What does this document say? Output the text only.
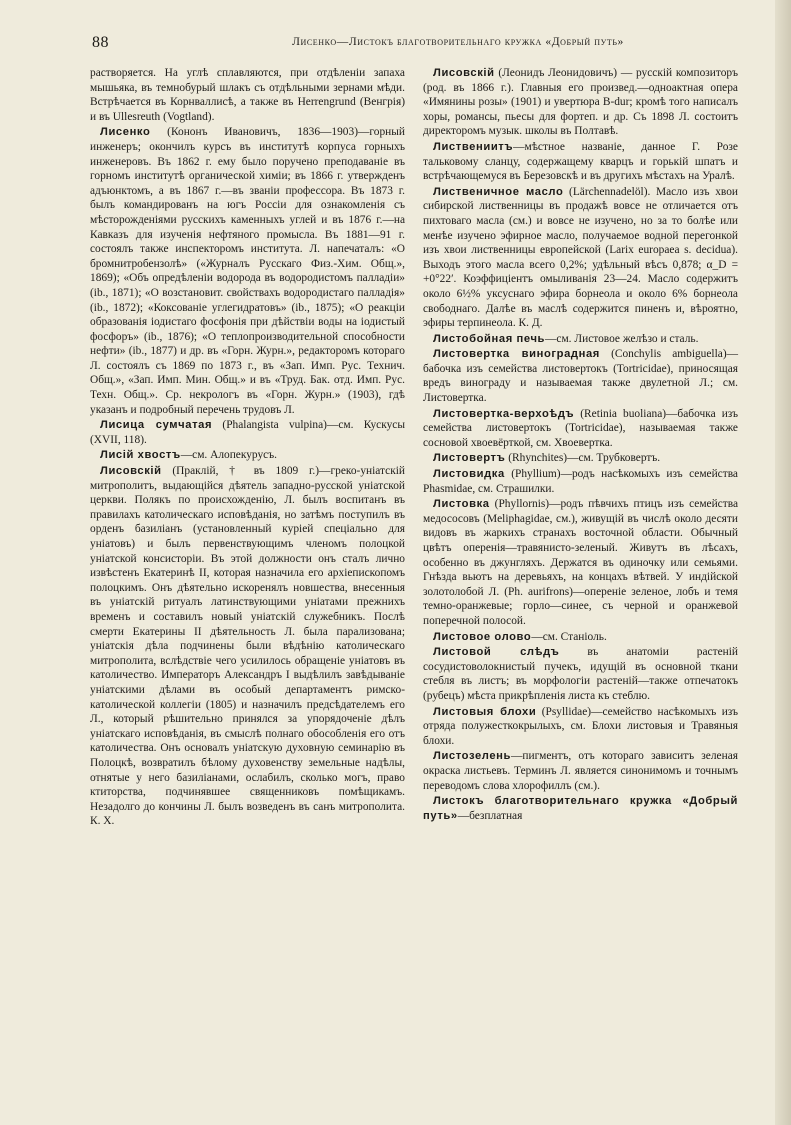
88	Лисенко—Листокъ благотворительнаго кружка «Добрый путь»

растворяется. На углѣ сплавляются, при отдѣленіи запаха мышьяка, въ темнобурый шлакъ съ отдѣльными зернами мѣди. Встрѣчается въ Корнваллисѣ, а также въ Herrengrund (Венгрія) и въ Ullesreuth (Vogtland).

Лисенко (Кононъ Ивановичъ, 1836—1903)—горный инженеръ; окончилъ курсъ въ институтѣ корпуса горныхъ инженеровъ. Въ 1862 г. ему было поручено преподаваніе въ горномъ институтѣ органической химіи; въ 1866 г. утвержденъ адъюнктомъ, а въ 1867 г.—въ званіи профессора. Въ 1873 г. былъ командированъ на югъ Россіи для ознакомленія съ мѣсторожденіями русскихъ каменныхъ углей и въ 1876 г.—на Кавказъ для изученія нефтяного промысла. Въ 1881—91 г. состоялъ также инспекторомъ института. Л. напечаталъ: «О бромнитробензолѣ» («Журналъ Русскаго Физ.-Хим. Общ.», 1869); «Объ опредѣленіи водорода въ водородистомъ палладіи» (ib., 1871); «О возстановит. свойствахъ водородистаго палладія» (ib., 1872); «Коксованіе углегидратовъ» (ib., 1875); «О реакціи образованія іодистаго фосфонія при дѣйствіи воды на іодистый фосфоръ» (ib., 1876); «О теплопроизводительной способности нефти» (ib., 1877) и др. въ «Горн. Журн.», редакторомъ котораго Л. состоялъ съ 1869 по 1873 г., въ «Зап. Имп. Рус. Технич. Общ.», «Зап. Имп. Мин. Общ.» и въ «Труд. Бак. отд. Имп. Рус. Техн. Общ.». Ср. некрологъ въ «Горн. Журн.» (1903), гдѣ указанъ и подробный перечень трудовъ Л.

Лисица сумчатая (Phalangista vulpina)—см. Кускусы (XVII, 118).

Лисій хвостъ—см. Алопекурусъ.

Лисовскій (Праклій, † въ 1809 г.)—греко-уніатскій митрополитъ, выдающійся дѣятель западно-русской уніатской церкви. Полякъ по происхожденію, Л. былъ воспитанъ въ правилахъ католическаго исповѣданія, но затѣмъ поступилъ въ орденъ базиліанъ (установленный куріей спеціально для уніатовъ) и былъ первенствующимъ членомъ полоцкой уніатской консисторіи. Въ этой должности онъ сталъ лично извѣстенъ Екатеринѣ II, которая назначила его архіепископомъ полоцкимъ. Онъ дѣятельно искоренялъ новшества, внесенныя въ уніатскій ритуалъ латинствующими уніатами прежнихъ временъ и составилъ новый уніатскій служебникъ. Послѣ смерти Екатерины II дѣятельность Л. была парализована; уніатскія дѣла подчинены были вѣдѣнію католическаго митрополита, вслѣдствіе чего усилилось обращеніе уніатовъ въ католичество. Императоръ Александръ I выдѣлилъ завѣдываніе уніатскими дѣлами въ особый департаментъ римско-католической коллегіи (1805) и назначилъ предсѣдателемъ его Л., который рѣшительно принялся за упорядоченіе дѣлъ уніатскаго исповѣданія, въ смыслѣ полнаго обособленія его отъ католичества. Онъ основалъ уніатскую духовную семинарію въ Полоцкѣ, возвратилъ бѣлому духовенству земельные надѣлы, отнятые у него базиліанами, ослабилъ, сколько могъ, право ктиторства, подчинявшее священниковъ помѣщикамъ. Незадолго до кончины Л. былъ возведенъ въ санъ митрополита. К. Х.

Лисовскій (Леонидъ Леонидовичъ) — русскій композиторъ (род. въ 1866 г.). Главныя его произвед.—одноактная опера «Имянины розы» (1901) и увертюра B-dur; кромѣ того написалъ хоры, романсы, пьесы для фортеп. и др. Съ 1898 Л. состоитъ директоромъ музык. школы въ Полтавѣ.

Листвениитъ—мѣстное названіе, данное Г. Розе тальковому сланцу, содержащему кварцъ и горькій шпатъ и встрѣчающемуся въ Березовскѣ и въ другихъ мѣстахъ на Уралѣ.

Лиственичное масло (Lärchennadelöl). Масло изъ хвои сибирской лиственницы въ продажѣ вовсе не отличается отъ пихтоваго масла (см.) и вовсе не изучено, но за то болѣе или менѣе изучено эфирное масло, получаемое водной перегонкой изъ хвои лиственницы европейской (Larix europaea s. decidua). Выходъ этого масла всего 0,2%; удѣльный вѣсъ 0,878; α_D = +0°22′. Коэффиціентъ омыливанія 23—24. Масло содержитъ около 6½% уксуснаго эфира борнеола и около 6% борнеола свободнаго. Далѣе въ маслѣ содержится пиненъ и, вѣроятно, эфиры терпинеола. К. Д.

Листобойная печь—см. Листовое желѣзо и сталь.

Листовертка виноградная (Conchylis ambiguella)—бабочка изъ семейства листовертокъ (Tortricidae), приносящая вредъ винограду и называемая также двулетной Л.; см. Листовертка.

Листовертка-верхоѣдъ (Retinia buoliana)—бабочка изъ семейства листовертокъ (Tortricidae), называемая также сосновой хвоевёрткой, см. Хвоевертка.

Листовертъ (Rhynchites)—см. Трубковертъ.

Листовидка (Phyllium)—родъ насѣкомыхъ изъ семейства Phasmidae, см. Страшилки.

Листовка (Phyllornis)—родъ пѣвчихъ птицъ изъ семейства медососовъ (Meliphagidae, см.), живущій въ числѣ около десяти видовъ въ жаркихъ странахъ восточной области. Обычный цвѣтъ оперенія—травянисто-зеленый. Живутъ въ лѣсахъ, особенно въ джунгляхъ. Держатся въ одиночку или семьями. Гнѣзда вьютъ на деревьяхъ, на концахъ вѣтвей. У индійской золотолобой Л. (Ph. aurifrons)—опереніе зеленое, лобъ и темя темно-оранжевые; горло—синее, съ черной и оранжевой поперечной полосой.

Листовое олово—см. Станіоль.

Листовой слѣдъ въ анатоміи растеній сосудистоволокнистый пучекъ, идущій въ основной ткани стебля въ листъ; въ морфологіи растеній—также отпечатокъ (рубецъ) мѣста прикрѣпленія листа къ стеблю.

Листовыя блохи (Psyllidae)—семейство насѣкомыхъ изъ отряда полужесткокрылыхъ, см. Блохи листовыя и Травяныя блохи.

Листозелень—пигментъ, отъ котораго зависитъ зеленая окраска листьевъ. Терминъ Л. является синонимомъ и точнымъ переводомъ слова хлорофиллъ (см.).

Листокъ благотворительнаго кружка «Добрый путь»—безплатная
